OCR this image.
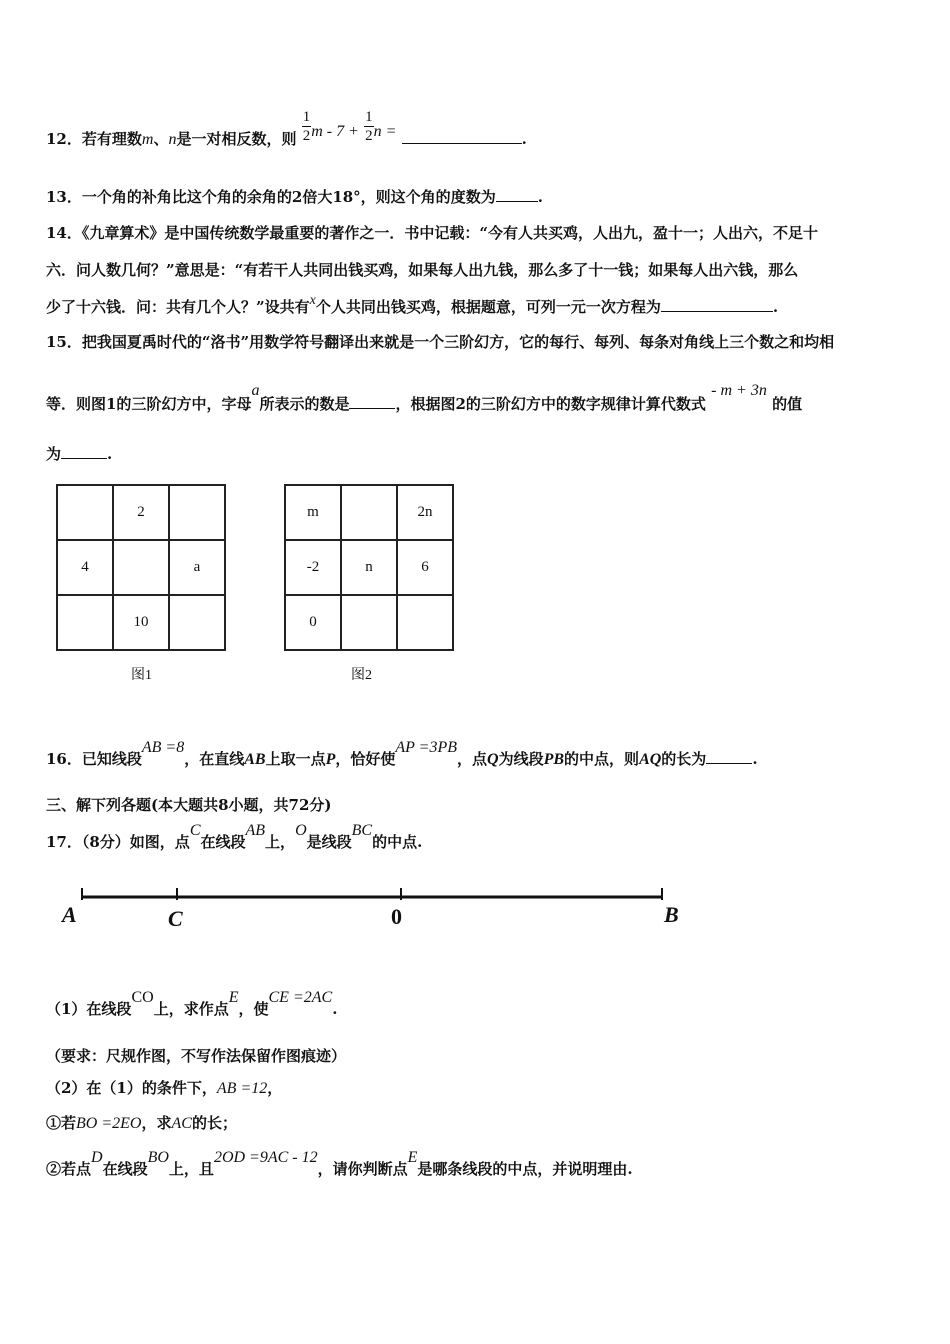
12．若有理数m、n是一对相反数，则 $\frac{1}{2}$ $m - 7 + \frac{1}{2}$ n =	.
13．一个角的补角比这个角的余角的2倍大18°，则这个角的度数为	.
14．《九章算术》是中国传统数学最重要的著作之一．书中记载：“今有人共买鸡，人出九，盈十一；人出六，不足十
六．问人数几何？”意思是：“有若干人共同出钱买鸡，如果每人出九钱，那么多了十一钱；如果每人出六钱，那么
少了十六钱．问：共有几个人？”设共有x个人共同出钱买鸡，根据题意，可列一元一次方程为	.
15．把我国夏禹时代的“洛书”用数学符号翻译出来就是一个三阶幻方，它的每行、每列、每条对角线上三个数之和均相
等．则图1的三阶幻方中，字母a所表示的数是	，根据图2的三阶幻方中的数字规律计算代数式 - m + 3n 的值
为	.
	2	
4		a
	10	
图1
m		2n
-2	n	6
0		
图2
16．已知线段AB =8，在直线AB上取一点P，恰好使AP =3PB，点Q为线段PB的中点，则AQ的长为	.
三、解下列各题(本大题共8小题，共72分)
17．（8分）如图，点C在线段AB上，O是线段BC的中点.
A	C	0	B
（1）在线段CO上，求作点E，使CE =2AC.
（要求：尺规作图，不写作法保留作图痕迹）
（2）在（1）的条件下，AB =12，
①若BO =2EO，求AC的长；
②若点D在线段BO上，且2OD =9AC - 12，请你判断点E是哪条线段的中点，并说明理由.
